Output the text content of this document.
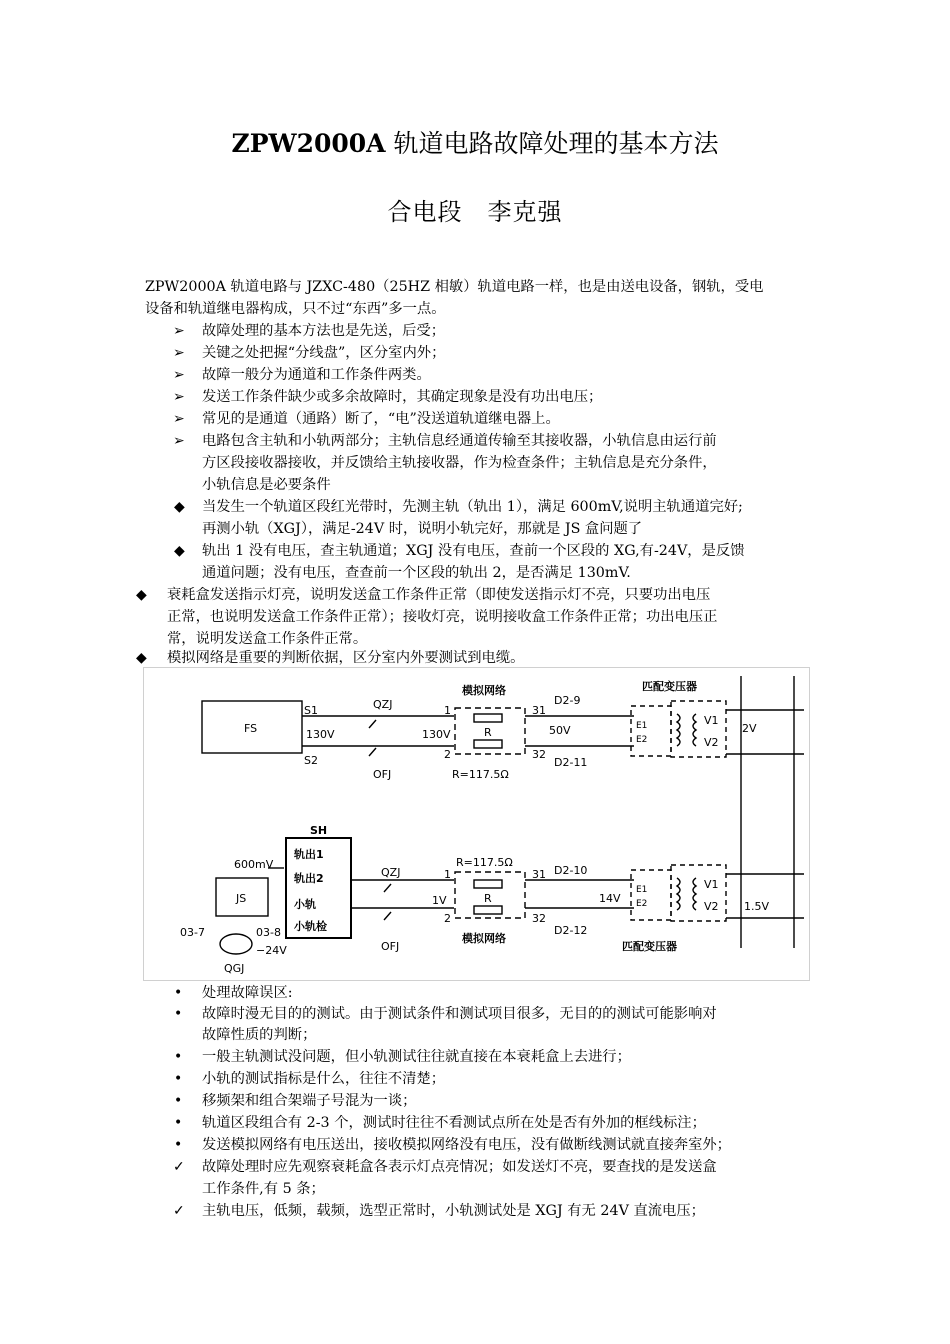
ZPW2000A 轨道电路故障处理的基本方法
合电段　李克强
ZPW2000A 轨道电路与 JZXC-480（25HZ 相敏）轨道电路一样，也是由送电设备，钢轨，受电
设备和轨道继电器构成，只不过“东西”多一点。
➢ 故障处理的基本方法也是先送，后受；
➢ 关键之处把握“分线盘”，区分室内外；
➢ 故障一般分为通道和工作条件两类。
➢ 发送工作条件缺少或多余故障时，其确定现象是没有功出电压；
➢ 常见的是通道（通路）断了，“电”没送道轨道继电器上。
➢ 电路包含主轨和小轨两部分；主轨信息经通道传输至其接收器，小轨信息由运行前
方区段接收器接收，并反馈给主轨接收器，作为检查条件；主轨信息是充分条件，
小轨信息是必要条件
◆ 当发生一个轨道区段红光带时，先测主轨（轨出 1），满足 600mV,说明主轨通道完好;
再测小轨（XGJ），满足-24V 时，说明小轨完好，那就是 JS 盒问题了
◆ 轨出 1 没有电压，查主轨通道；XGJ 没有电压，查前一个区段的 XG,有-24V，是反馈
通道问题；没有电压，查查前一个区段的轨出 2，是否满足 130mV.
◆ 衰耗盒发送指示灯亮，说明发送盒工作条件正常（即使发送指示灯不亮，只要功出电压
正常，也说明发送盒工作条件正常）；接收灯亮，说明接收盒工作条件正常；功出电压正
常，说明发送盒工作条件正常。
◆ 模拟网络是重要的判断依据，区分室内外要测试到电缆。
FS
S1
S2
130V
QZJ
OFJ
130V
模拟网络
R
R=117.5Ω
1
2
31
32
D2-9
D2-11
50V
匹配变压器
E1
E2
V1
V2
2V
SH
轨出1
轨出2
小轨
小轨检
600mV
JS
03-7	03-8
−24V
QGJ
QZJ
OFJ
R=117.5Ω
R
1V
1
2
31
32
D2-10
D2-12
14V
模拟网络
匹配变压器
E1
E2
V1
V2 1.5V
• 处理故障误区:
• 故障时漫无目的的测试。由于测试条件和测试项目很多，无目的的测试可能影响对
故障性质的判断；
• 一般主轨测试没问题，但小轨测试往往就直接在本衰耗盒上去进行；
• 小轨的测试指标是什么，往往不清楚；
• 移频架和组合架端子号混为一谈；
• 轨道区段组合有 2-3 个，测试时往往不看测试点所在处是否有外加的框线标注；
• 发送模拟网络有电压送出，接收模拟网络没有电压，没有做断线测试就直接奔室外；
✓ 故障处理时应先观察衰耗盒各表示灯点亮情况；如发送灯不亮，要查找的是发送盒
工作条件,有 5 条；
✓ 主轨电压，低频，载频，选型正常时，小轨测试处是 XGJ 有无 24V 直流电压；
